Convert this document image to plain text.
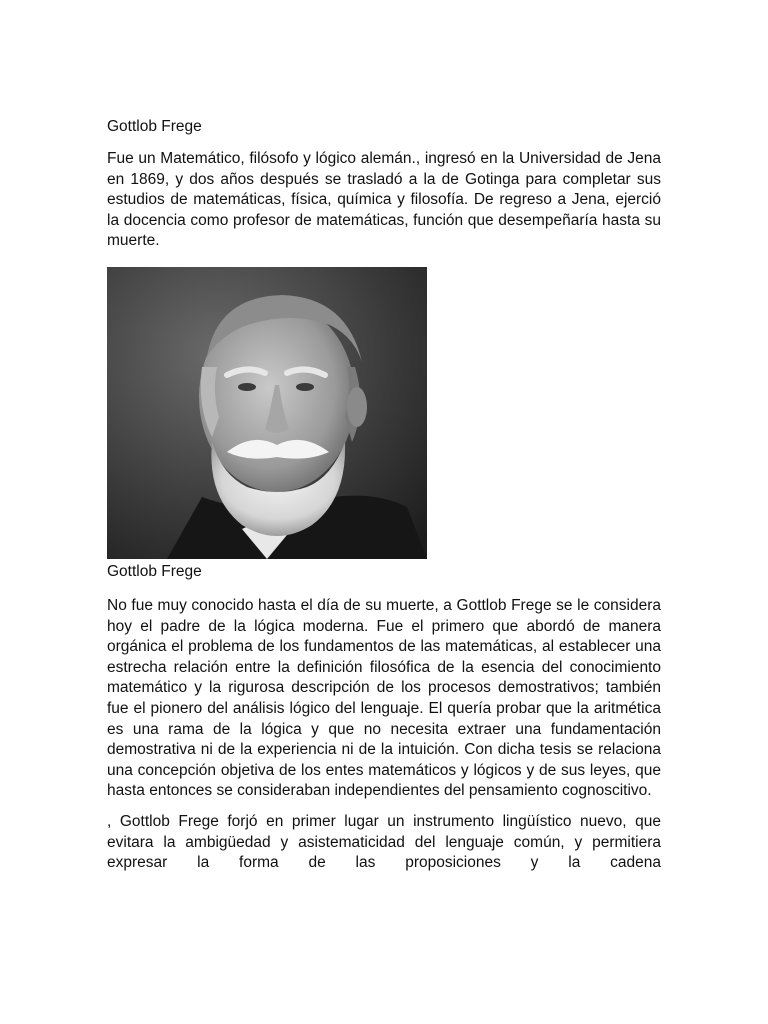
Gottlob Frege
Fue un Matemático, filósofo y lógico alemán., ingresó en la Universidad de Jena en 1869, y dos años después se trasladó a la de Gotinga para completar sus estudios de matemáticas, física, química y filosofía. De regreso a Jena, ejerció la docencia como profesor de matemáticas, función que desempeñaría hasta su muerte.
Gottlob Frege
No fue muy conocido hasta el día de su muerte, a Gottlob Frege se le considera hoy el padre de la lógica moderna. Fue el primero que abordó de manera orgánica el problema de los fundamentos de las matemáticas, al establecer una estrecha relación entre la definición filosófica de la esencia del conocimiento matemático y la rigurosa descripción de los procesos demostrativos; también fue el pionero del análisis lógico del lenguaje. El quería probar que la aritmética es una rama de la lógica y que no necesita extraer una fundamentación demostrativa ni de la experiencia ni de la intuición. Con dicha tesis se relaciona una concepción objetiva de los entes matemáticos y lógicos y de sus leyes, que hasta entonces se consideraban independientes del pensamiento cognoscitivo.
, Gottlob Frege forjó en primer lugar un instrumento lingüístico nuevo, que evitara la ambigüedad y asistematicidad del lenguaje común, y permitiera expresar la forma de las proposiciones y la cadena
